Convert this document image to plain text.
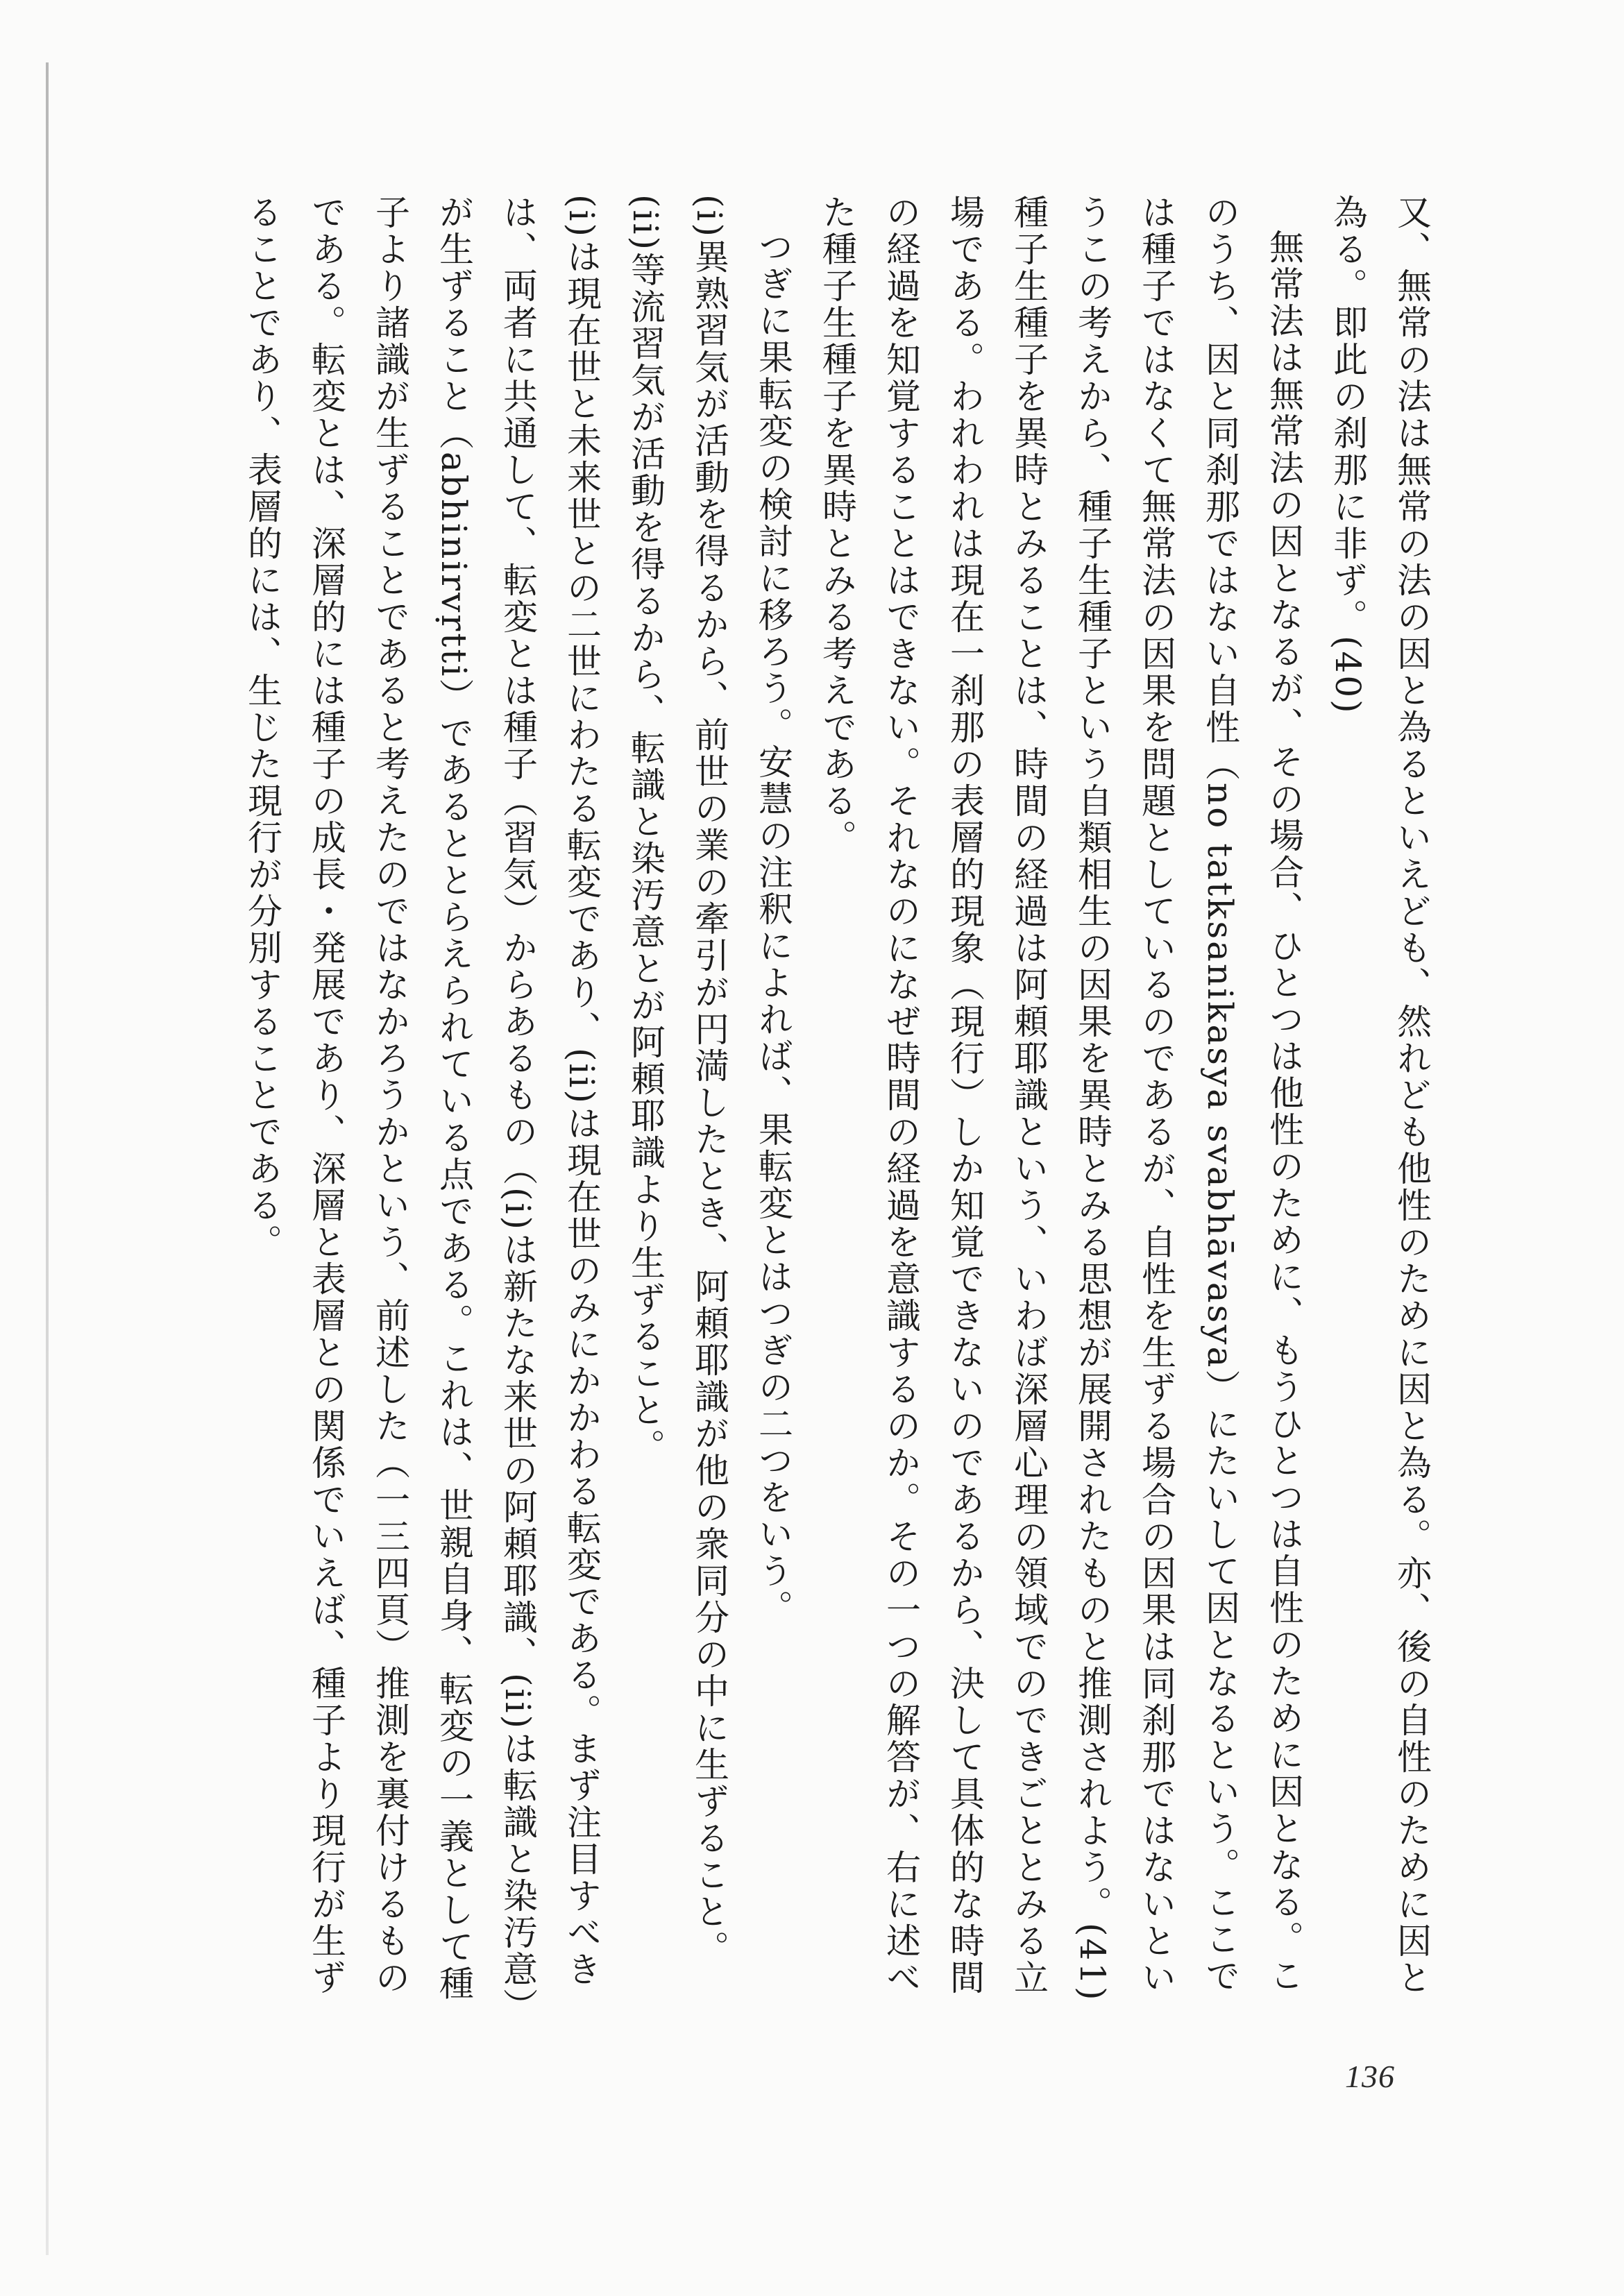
又、無常の法は無常の法の因と為るといえども、然れども他性のために因と為る。亦、後の自性のために因と為る。即此の刹那に非ず。(40)

無常法は無常法の因となるが、その場合、ひとつは他性のために、もうひとつは自性のために因となる。このうち、因と同刹那ではない自性（no tatksanikasya svabhāvasya）にたいして因となるという。ここでは種子ではなくて無常法の因果を問題としているのであるが、自性を生ずる場合の因果は同刹那ではないというこの考えから、種子生種子という自類相生の因果を異時とみる思想が展開されたものと推測されよう。(41) 種子生種子を異時とみることは、時間の経過は阿頼耶識という、いわば深層心理の領域でのできごととみる立場である。われわれは現在一刹那の表層的現象（現行）しか知覚できないのであるから、決して具体的な時間の経過を知覚することはできない。それなのになぜ時間の経過を意識するのか。その一つの解答が、右に述べた種子生種子を異時とみる考えである。

つぎに果転変の検討に移ろう。安慧の注釈によれば、果転変とはつぎの二つをいう。

(i)異熟習気が活動を得るから、前世の業の牽引が円満したとき、阿頼耶識が他の衆同分の中に生ずること。

(ii)等流習気が活動を得るから、転識と染汚意とが阿頼耶識より生ずること。

(i)は現在世と未来世との二世にわたる転変であり、(ii)は現在世のみにかかわる転変である。まず注目すべきは、両者に共通して、転変とは種子（習気）からあるもの（(i)は新たな来世の阿頼耶識、(ii)は転識と染汚意）が生ずること（abhinirvṛtti）であるととらえられている点である。これは、世親自身、転変の一義として種子より諸識が生ずることであると考えたのではなかろうかという、前述した（一三四頁）推測を裏付けるものである。転変とは、深層的には種子の成長・発展であり、深層と表層との関係でいえば、種子より現行が生ずることであり、表層的には、生じた現行が分別することである。

136
